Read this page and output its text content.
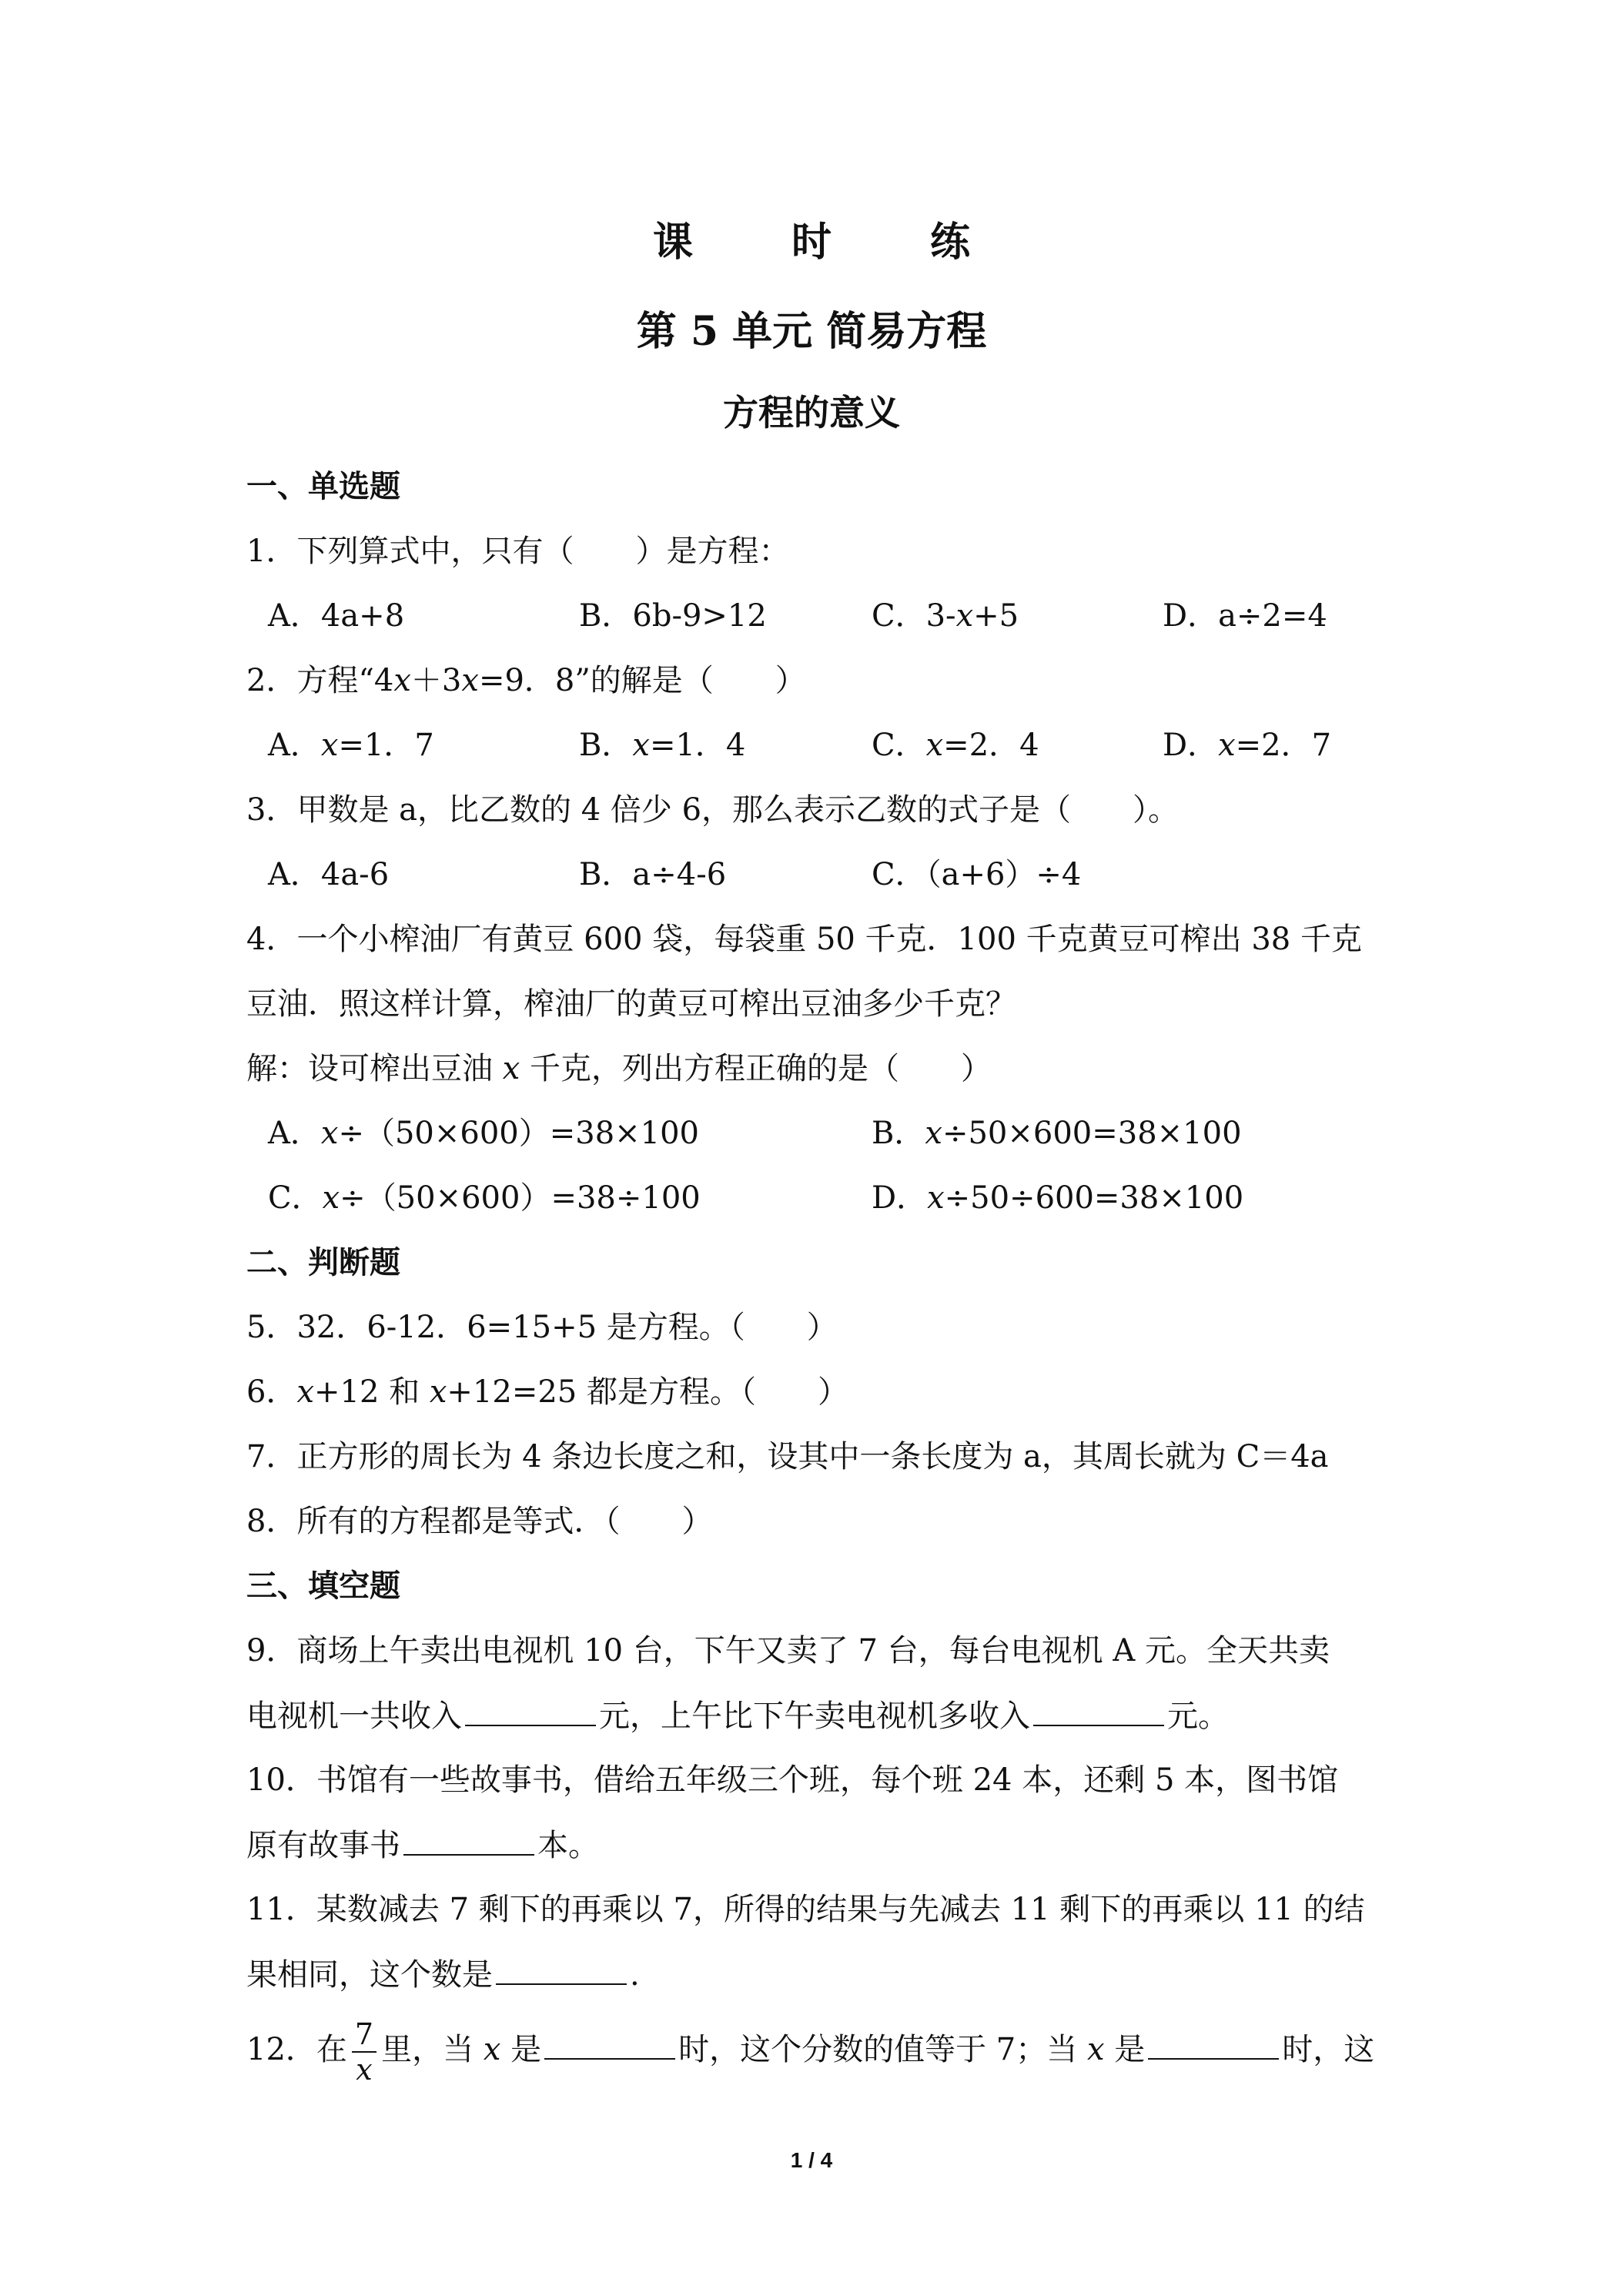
课　时　练
第 5 单元 简易方程
方程的意义
一、单选题
1．下列算式中，只有（　　）是方程：
A．4a+8	B．6b-9>12	C．3-x+5	D．a÷2=4
2．方程“4x＋3x=9．8”的解是（　　）
A．x=1．7	B．x=1．4	C．x=2．4	D．x=2．7
3．甲数是 a，比乙数的 4 倍少 6，那么表示乙数的式子是（　　）。
A．4a-6	B．a÷4-6	C．（a+6）÷4
4．一个小榨油厂有黄豆 600 袋，每袋重 50 千克．100 千克黄豆可榨出 38 千克
豆油．照这样计算，榨油厂的黄豆可榨出豆油多少千克？
解：设可榨出豆油 x 千克，列出方程正确的是（　　）
A．x÷（50×600）=38×100	B．x÷50×600=38×100
C．x÷（50×600）=38÷100	D．x÷50÷600=38×100
二、判断题
5．32．6-12．6=15+5 是方程。（　　）
6．x+12 和 x+12=25 都是方程。（　　）
7．正方形的周长为 4 条边长度之和，设其中一条长度为 a，其周长就为 C＝4a
8．所有的方程都是等式．（　　）
三、填空题
9．商场上午卖出电视机 10 台，下午又卖了 7 台，每台电视机 A 元。全天共卖
电视机一共收入	元，上午比下午卖电视机多收入	元。
10．书馆有一些故事书，借给五年级三个班，每个班 24 本，还剩 5 本，图书馆
原有故事书	本。
11．某数减去 7 剩下的再乘以 7，所得的结果与先减去 11 剩下的再乘以 11 的结
果相同，这个数是	.
12．在 $\frac{7}{x}$ 里，当 x 是	时，这个分数的值等于 7；当 x 是	时，这
1 / 4
